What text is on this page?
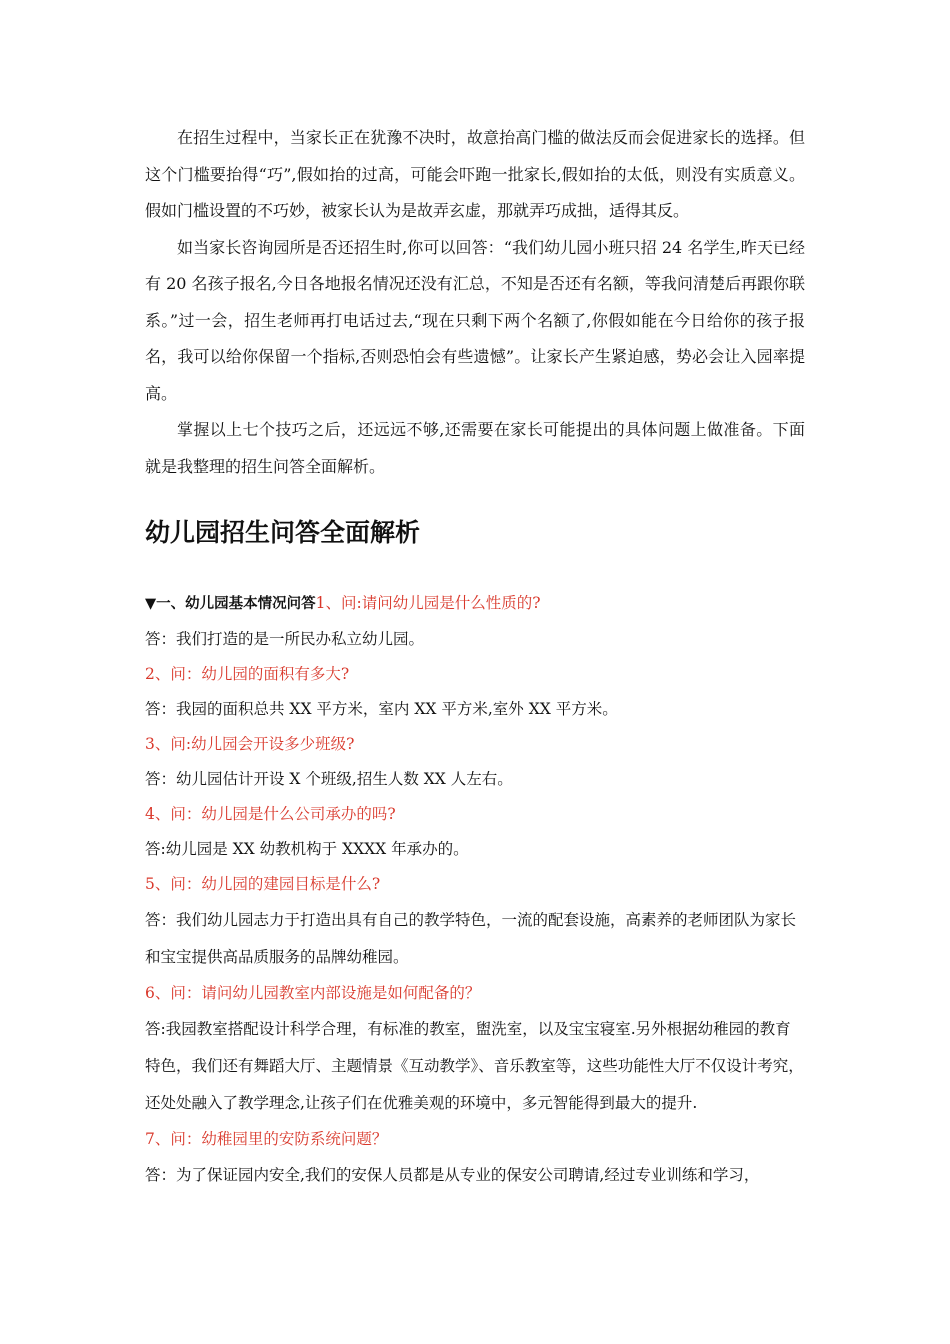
在招生过程中，当家长正在犹豫不决时，故意抬高门槛的做法反而会促进家长的选择。但这个门槛要抬得“巧”,假如抬的过高，可能会吓跑一批家长,假如抬的太低，则没有实质意义。假如门槛设置的不巧妙，被家长认为是故弄玄虚，那就弄巧成拙，适得其反。

如当家长咨询园所是否还招生时,你可以回答：“我们幼儿园小班只招 24 名学生,昨天已经有 20 名孩子报名,今日各地报名情况还没有汇总，不知是否还有名额，等我问清楚后再跟你联系。”过一会，招生老师再打电话过去,“现在只剩下两个名额了,你假如能在今日给你的孩子报名，我可以给你保留一个指标,否则恐怕会有些遗憾”。让家长产生紧迫感，势必会让入园率提高。

掌握以上七个技巧之后，还远远不够,还需要在家长可能提出的具体问题上做准备。下面就是我整理的招生问答全面解析。

幼儿园招生问答全面解析

▼一、幼儿园基本情况问答1、问:请问幼儿园是什么性质的?

答：我们打造的是一所民办私立幼儿园。

2、问：幼儿园的面积有多大?

答：我园的面积总共 XX 平方米，室内 XX 平方米,室外 XX 平方米。

3、问:幼儿园会开设多少班级?

答：幼儿园估计开设 X 个班级,招生人数 XX 人左右。

4、问：幼儿园是什么公司承办的吗?

答:幼儿园是 XX 幼教机构于 XXXX 年承办的。

5、问：幼儿园的建园目标是什么?

答：我们幼儿园志力于打造出具有自己的教学特色，一流的配套设施，高素养的老师团队为家长和宝宝提供高品质服务的品牌幼稚园。

6、问：请问幼儿园教室内部设施是如何配备的？

答:我园教室搭配设计科学合理，有标准的教室，盥洗室，以及宝宝寝室.另外根据幼稚园的教育特色，我们还有舞蹈大厅、主题情景《互动教学》、音乐教室等，这些功能性大厅不仅设计考究，还处处融入了教学理念,让孩子们在优雅美观的环境中，多元智能得到最大的提升.

7、问：幼稚园里的安防系统问题？

答：为了保证园内安全,我们的安保人员都是从专业的保安公司聘请,经过专业训练和学习，
